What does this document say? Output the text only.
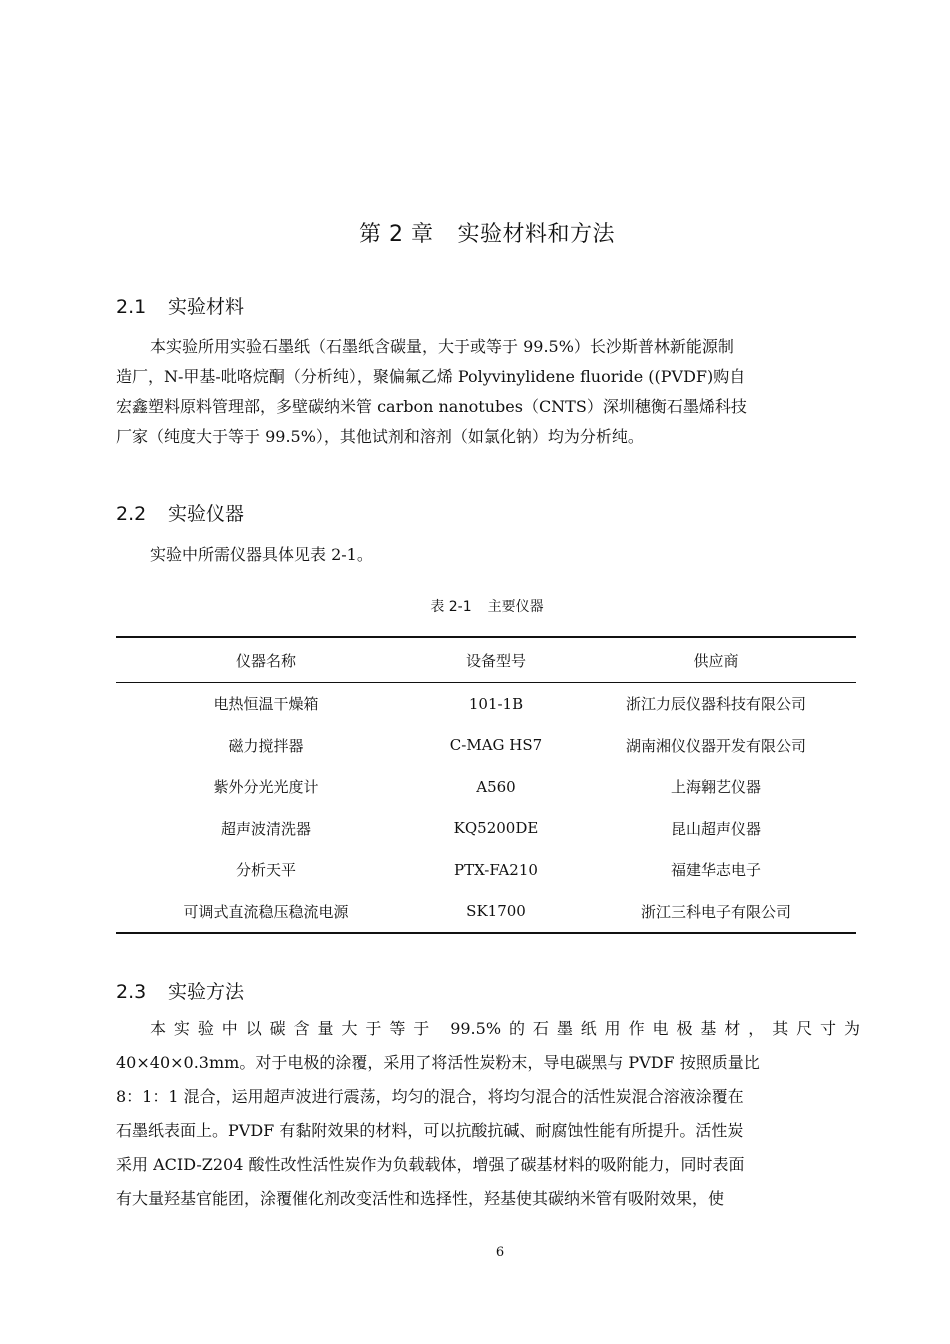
第 2 章 实验材料和方法
2.1 实验材料
本实验所用实验石墨纸（石墨纸含碳量，大于或等于 99.5%）长沙斯普林新能源制
造厂，N-甲基-吡咯烷酮（分析纯），聚偏氟乙烯 Polyvinylidene fluoride ((PVDF)购自
宏鑫塑料原料管理部，多壁碳纳米管 carbon nanotubes（CNTS）深圳穗衡石墨烯科技
厂家（纯度大于等于 99.5%），其他试剂和溶剂（如氯化钠）均为分析纯。
2.2 实验仪器
实验中所需仪器具体见表 2-1。
表 2-1 主要仪器
仪器名称	设备型号	供应商
电热恒温干燥箱	101-1B	浙江力辰仪器科技有限公司
磁力搅拌器	C-MAG HS7	湖南湘仪仪器开发有限公司
紫外分光光度计	A560	上海翱艺仪器
超声波清洗器	KQ5200DE	昆山超声仪器
分析天平	PTX-FA210	福建华志电子
可调式直流稳压稳流电源	SK1700	浙江三科电子有限公司
2.3 实验方法
本实验中以碳含量大于等于 99.5%的石墨纸用作电极基材，其尺寸为
40×40×0.3mm。对于电极的涂覆，采用了将活性炭粉末，导电碳黑与 PVDF 按照质量比
8：1：1 混合，运用超声波进行震荡，均匀的混合，将均匀混合的活性炭混合溶液涂覆在
石墨纸表面上。PVDF 有黏附效果的材料，可以抗酸抗碱、耐腐蚀性能有所提升。活性炭
采用 ACID-Z204 酸性改性活性炭作为负载载体，增强了碳基材料的吸附能力，同时表面
有大量羟基官能团，涂覆催化剂改变活性和选择性，羟基使其碳纳米管有吸附效果，使
6
